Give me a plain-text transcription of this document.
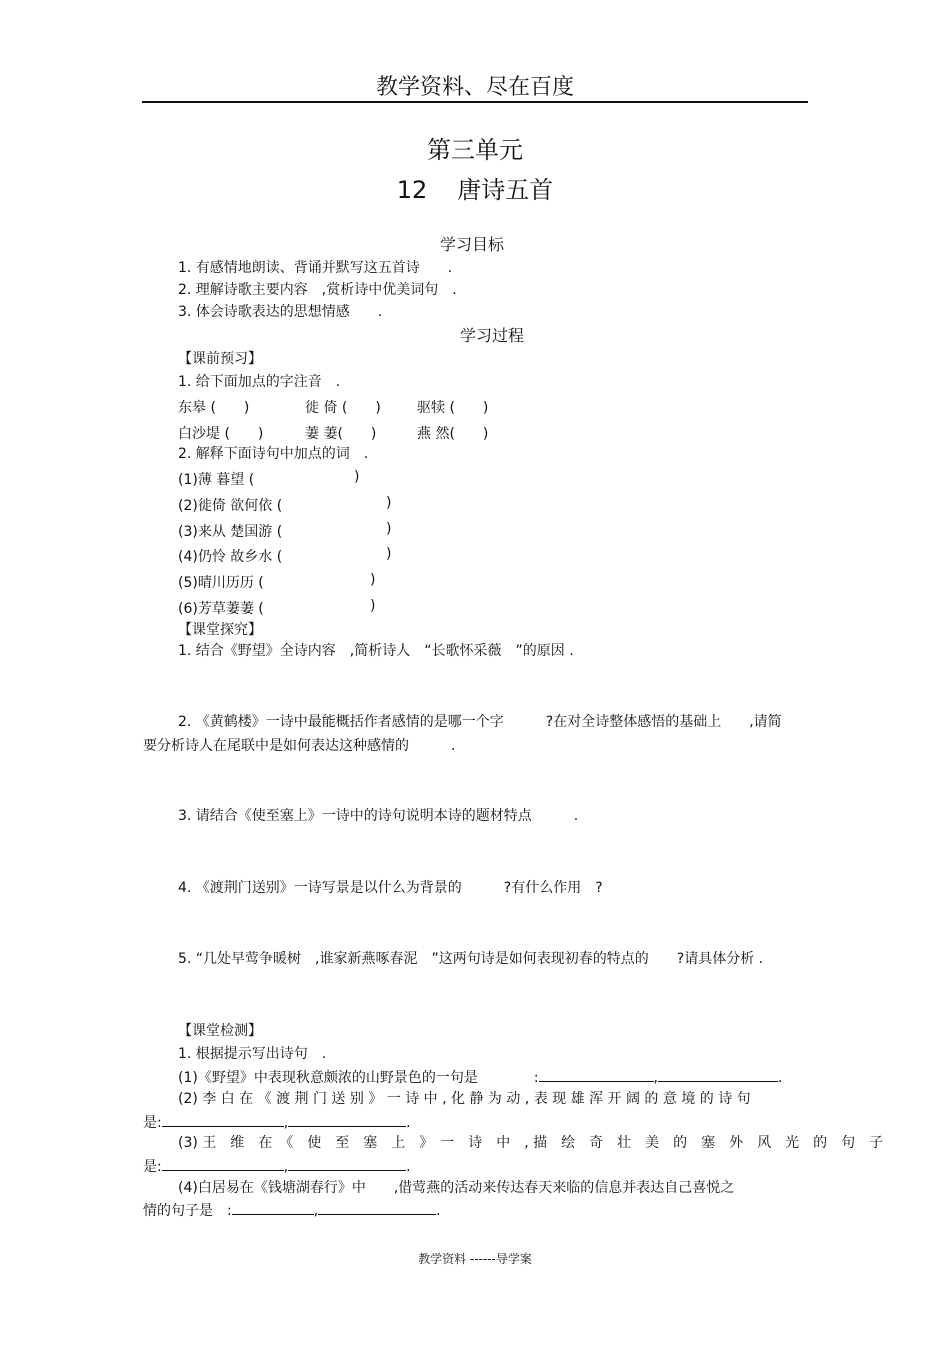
教学资料、尽在百度
第三单元
12 唐诗五首
学习目标
1. 有感情地朗读、背诵并默写这五首诗　　.
2. 理解诗歌主要内容　,赏析诗中优美词句　.
3. 体会诗歌表达的思想情感　　.
学习过程
【课前预习】
1. 给下面加点的字注音　.
东皋 (　　)	徙 倚 (　　)	驱犊 (　　)
白沙堤 (　　)	萋 萋(　　)	燕 然(　　)
2. 解释下面诗句中加点的词　.
(1)薄 暮望 (	)
(2)徙倚 欲何依 (	)
(3)来从 楚国游 (	)
(4)仍怜 故乡水 (	)
(5)晴川历历 (	)
(6)芳草萋萋 (	)
【课堂探究】
1. 结合《野望》全诗内容　,简析诗人　“长歌怀采薇　”的原因 .
2. 《黄鹤楼》一诗中最能概括作者感情的是哪一个字　　　?在对全诗整体感悟的基础上　　,请简
要分析诗人在尾联中是如何表达这种感情的　　　.
3. 请结合《使至塞上》一诗中的诗句说明本诗的题材特点　　　.
4. 《渡荆门送别》一诗写景是以什么为背景的　　　?有什么作用　?
5. “几处早莺争暖树　,谁家新燕啄春泥　”这两句诗是如何表现初春的特点的　　?请具体分析 .
【课堂检测】
1. 根据提示写出诗句　.
(1)《野望》中表现秋意颇浓的山野景色的一句是　　　　:	,	.
(2) 李 白 在 《 渡 荆 门 送 别 》 一 诗 中 , 化 静 为 动 , 表 现 雄 浑 开 阔 的 意 境 的 诗 句
是:	,	.
(3) 王　维　在　《　使　至　塞　上　》　一　诗　中　, 描　绘　奇　壮　美　的　塞　外　风　光　的　句　子
是:	,	.
(4)白居易在《钱塘湖春行》中　　,借莺燕的活动来传达春天来临的信息并表达自己喜悦之
情的句子是　:	,	.
教学资料 ------导学案
